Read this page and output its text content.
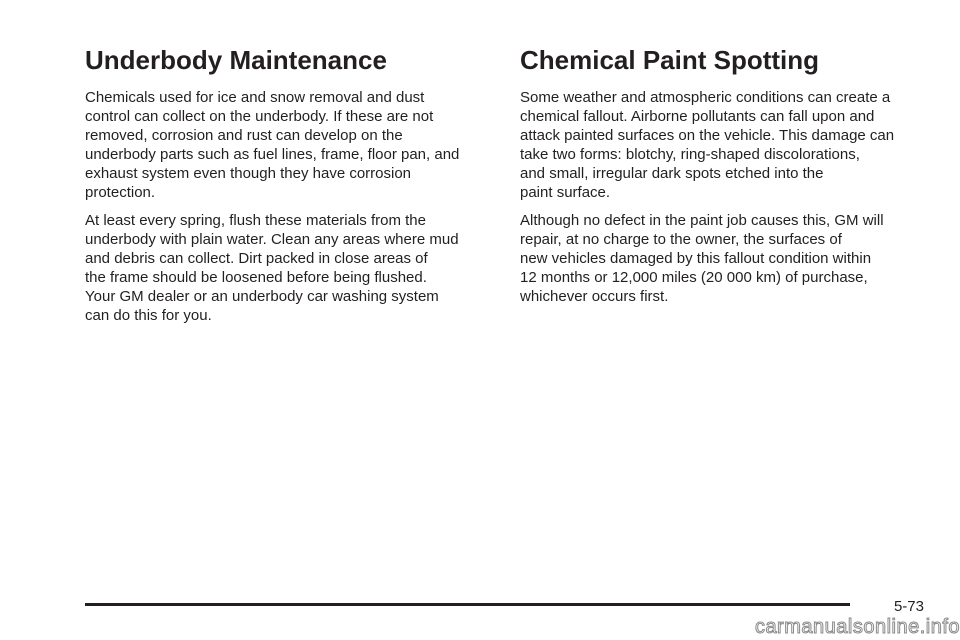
Underbody Maintenance

Chemicals used for ice and snow removal and dust
control can collect on the underbody. If these are not
removed, corrosion and rust can develop on the
underbody parts such as fuel lines, frame, floor pan, and
exhaust system even though they have corrosion
protection.

At least every spring, flush these materials from the
underbody with plain water. Clean any areas where mud
and debris can collect. Dirt packed in close areas of
the frame should be loosened before being flushed.
Your GM dealer or an underbody car washing system
can do this for you.

Chemical Paint Spotting

Some weather and atmospheric conditions can create a
chemical fallout. Airborne pollutants can fall upon and
attack painted surfaces on the vehicle. This damage can
take two forms: blotchy, ring-shaped discolorations,
and small, irregular dark spots etched into the
paint surface.

Although no defect in the paint job causes this, GM will
repair, at no charge to the owner, the surfaces of
new vehicles damaged by this fallout condition within
12 months or 12,000 miles (20 000 km) of purchase,
whichever occurs first.

5-73
carmanualsonline.info
